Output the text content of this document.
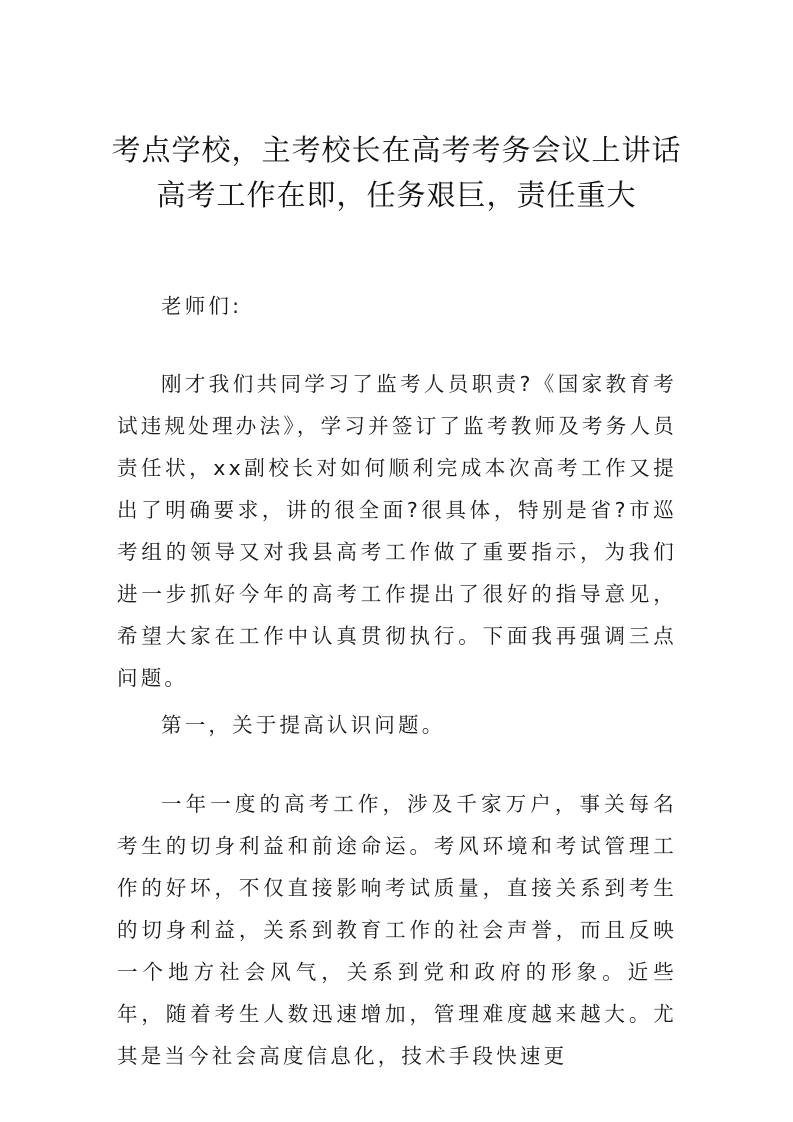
考点学校，主考校长在高考考务会议上讲话
高考工作在即，任务艰巨，责任重大

老师们:

刚才我们共同学习了监考人员职责?《国家教育考试违规处理办法》，学习并签订了监考教师及考务人员责任状，xx副校长对如何顺利完成本次高考工作又提出了明确要求，讲的很全面?很具体，特别是省?市巡考组的领导又对我县高考工作做了重要指示，为我们进一步抓好今年的高考工作提出了很好的指导意见，希望大家在工作中认真贯彻执行。下面我再强调三点问题。

第一，关于提高认识问题。

一年一度的高考工作，涉及千家万户，事关每名考生的切身利益和前途命运。考风环境和考试管理工作的好坏，不仅直接影响考试质量，直接关系到考生的切身利益，关系到教育工作的社会声誉，而且反映一个地方社会风气，关系到党和政府的形象。近些年，随着考生人数迅速增加，管理难度越来越大。尤其是当今社会高度信息化，技术手段快速更
